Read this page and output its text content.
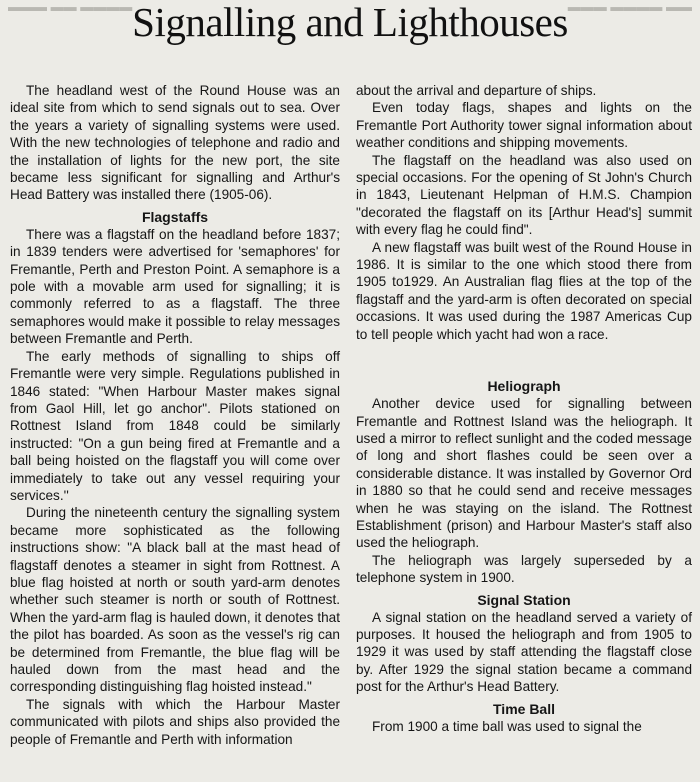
▬▬▬ ▬▬ ▬▬▬▬	▬▬▬ ▬▬▬▬ ▬▬
Signalling and Lighthouses

The headland west of the Round House was an ideal site from which to send signals out to sea. Over the years a variety of signalling systems were used. With the new technologies of telephone and radio and the installation of lights for the new port, the site became less significant for signalling and Arthur's Head Battery was installed there (1905-06).

Flagstaffs

There was a flagstaff on the headland before 1837; in 1839 tenders were advertised for 'semaphores' for Fremantle, Perth and Preston Point. A semaphore is a pole with a movable arm used for signalling; it is commonly referred to as a flagstaff. The three semaphores would make it possible to relay messages between Fremantle and Perth.

The early methods of signalling to ships off Fremantle were very simple. Regulations published in 1846 stated: "When Harbour Master makes signal from Gaol Hill, let go anchor". Pilots stationed on Rottnest Island from 1848 could be similarly instructed: "On a gun being fired at Fremantle and a ball being hoisted on the flagstaff you will come over immediately to take out any vessel requiring your services.''

During the nineteenth century the signalling system became more sophisticated as the following instructions show: "A black ball at the mast head of flagstaff denotes a steamer in sight from Rottnest. A blue flag hoisted at north or south yard-arm denotes whether such steamer is north or south of Rottnest. When the yard-arm flag is hauled down, it denotes that the pilot has boarded. As soon as the vessel's rig can be determined from Fremantle, the blue flag will be hauled down from the mast head and the corresponding distinguishing flag hoisted instead."

The signals with which the Harbour Master communicated with pilots and ships also provided the people of Fremantle and Perth with information

about the arrival and departure of ships.

Even today flags, shapes and lights on the Fremantle Port Authority tower signal information about weather conditions and shipping movements.

The flagstaff on the headland was also used on special occasions. For the opening of St John's Church in 1843, Lieutenant Helpman of H.M.S. Champion "decorated the flagstaff on its [Arthur Head's] summit with every flag he could find".

A new flagstaff was built west of the Round House in 1986. It is similar to the one which stood there from 1905 to1929. An Australian flag flies at the top of the flagstaff and the yard-arm is often decorated on special occasions. It was used during the 1987 Americas Cup to tell people which yacht had won a race.

Heliograph

Another device used for signalling between Fremantle and Rottnest Island was the heliograph. It used a mirror to reflect sunlight and the coded message of long and short flashes could be seen over a considerable distance. It was installed by Governor Ord in 1880 so that he could send and receive messages when he was staying on the island. The Rottnest Establishment (prison) and Harbour Master's staff also used the heliograph.

The heliograph was largely superseded by a telephone system in 1900.

Signal Station

A signal station on the headland served a variety of purposes. It housed the heliograph and from 1905 to 1929 it was used by staff attending the flagstaff close by. After 1929 the signal station became a command post for the Arthur's Head Battery.

Time Ball

From 1900 a time ball was used to signal the
